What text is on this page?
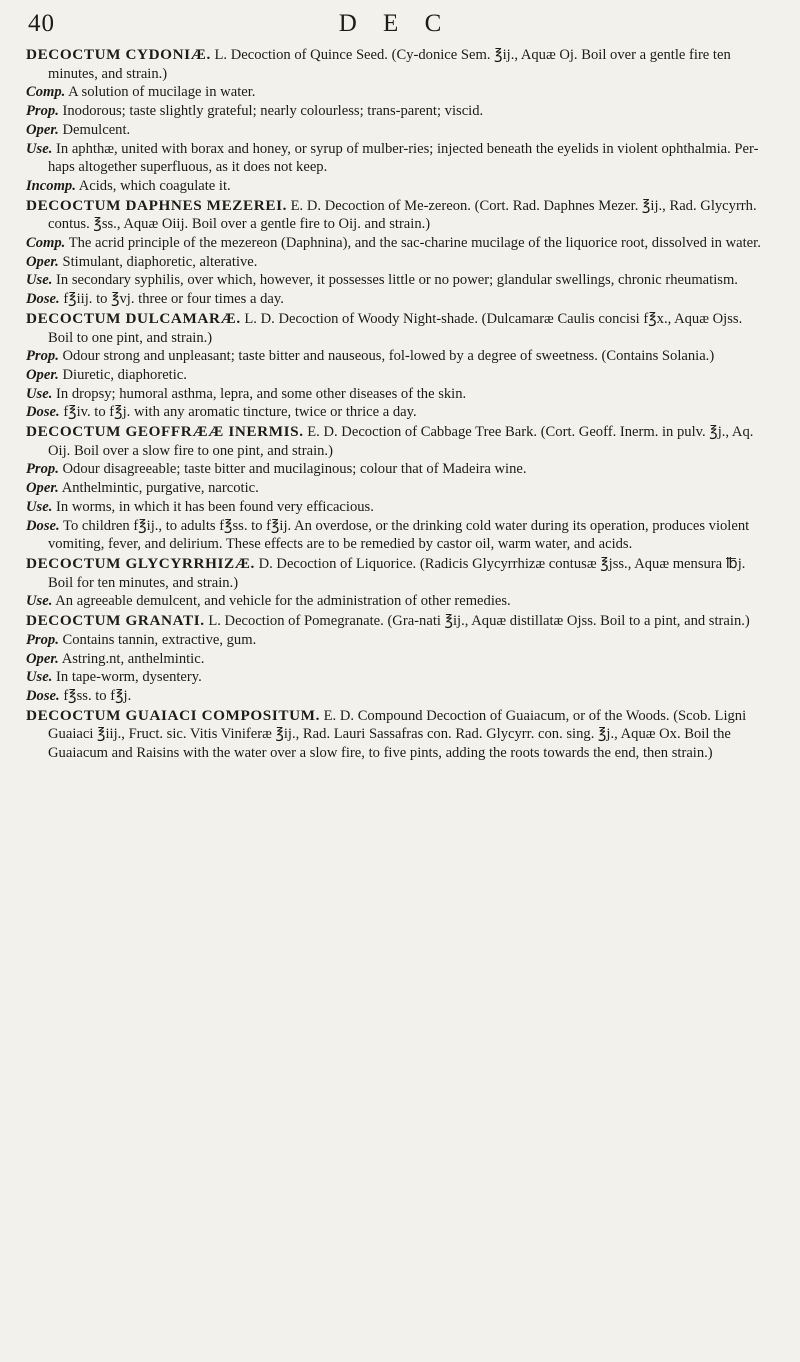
40	D E C
DECOCTUM CYDONIÆ. L. Decoction of Quince Seed. (Cy-donice Sem. ℥ij., Aquæ Oj. Boil over a gentle fire ten minutes, and strain.)
Comp. A solution of mucilage in water.
Prop. Inodorous; taste slightly grateful; nearly colourless; trans-parent; viscid.
Oper. Demulcent.
Use. In aphthæ, united with borax and honey, or syrup of mulber-ries; injected beneath the eyelids in violent ophthalmia. Per-haps altogether superfluous, as it does not keep.
Incomp. Acids, which coagulate it.
DECOCTUM DAPHNES MEZEREI. E. D. Decoction of Me-zereon. (Cort. Rad. Daphnes Mezer. ℥ij., Rad. Glycyrrh. contus. ℥ss., Aquæ Oiij. Boil over a gentle fire to Oij. and strain.)
Comp. The acrid principle of the mezereon (Daphnina), and the sac-charine mucilage of the liquorice root, dissolved in water.
Oper. Stimulant, diaphoretic, alterative.
Use. In secondary syphilis, over which, however, it possesses little or no power; glandular swellings, chronic rheumatism.
Dose. f℥iij. to ℥vj. three or four times a day.
DECOCTUM DULCAMARÆ. L. D. Decoction of Woody Night-shade. (Dulcamaræ Caulis concisi f℥x., Aquæ Ojss. Boil to one pint, and strain.)
Prop. Odour strong and unpleasant; taste bitter and nauseous, fol-lowed by a degree of sweetness. (Contains Solania.)
Oper. Diuretic, diaphoretic.
Use. In dropsy; humoral asthma, lepra, and some other diseases of the skin.
Dose. f℥iv. to f℥j. with any aromatic tincture, twice or thrice a day.
DECOCTUM GEOFFRÆÆ INERMIS. E. D. Decoction of Cabbage Tree Bark. (Cort. Geoff. Inerm. in pulv. ℥j., Aq. Oij. Boil over a slow fire to one pint, and strain.)
Prop. Odour disagreeable; taste bitter and mucilaginous; colour that of Madeira wine.
Oper. Anthelmintic, purgative, narcotic.
Use. In worms, in which it has been found very efficacious.
Dose. To children f℥ij., to adults f℥ss. to f℥ij. An overdose, or the drinking cold water during its operation, produces violent vomiting, fever, and delirium. These effects are to be remedied by castor oil, warm water, and acids.
DECOCTUM GLYCYRRHIZÆ. D. Decoction of Liquorice. (Radicis Glycyrrhizæ contusæ ℥jss., Aquæ mensura ℔j. Boil for ten minutes, and strain.)
Use. An agreeable demulcent, and vehicle for the administration of other remedies.
DECOCTUM GRANATI. L. Decoction of Pomegranate. (Gra-nati ℥ij., Aquæ distillatæ Ojss. Boil to a pint, and strain.)
Prop. Contains tannin, extractive, gum.
Oper. Astring.nt, anthelmintic.
Use. In tape-worm, dysentery.
Dose. f℥ss. to f℥j.
DECOCTUM GUAIACI COMPOSITUM. E. D. Compound Decoction of Guaiacum, or of the Woods. (Scob. Ligni Guaiaci ℥iij., Fruct. sic. Vitis Viniferæ ℥ij., Rad. Lauri Sassafras con. Rad. Glycyrr. con. sing. ℥j., Aquæ Ox. Boil the Guaiacum and Raisins with the water over a slow fire, to five pints, adding the roots towards the end, then strain.)
